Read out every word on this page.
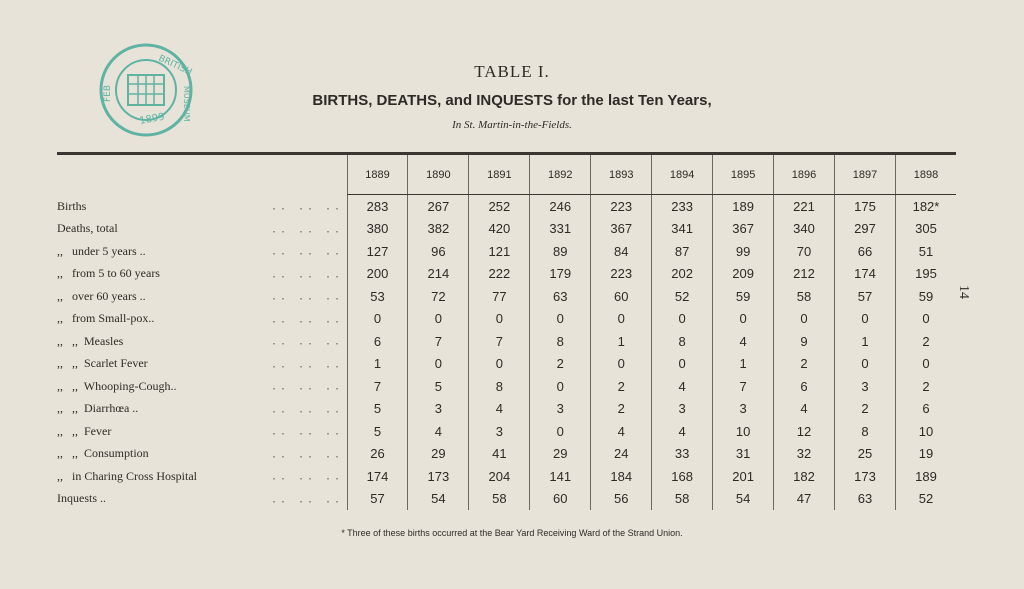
BRITISH
FEB	MUSEUM
1899
TABLE I.
BIRTHS, DEATHS, and INQUESTS for the last Ten Years,
In St. Martin-in-the-Fields.
	1889	1890	1891	1892	1893	1894	1895	1896	1897	1898
Births .. .. ..	283	267	252	246	223	233	189	221	175	182*
Deaths, total .. .. ..	380	382	420	331	367	341	367	340	297	305
,,   under 5 years .. .. .. ..	127	96	121	89	84	87	99	70	66	51
,,   from 5 to 60 years .. .. ..	200	214	222	179	223	202	209	212	174	195
,,   over 60 years .. .. .. ..	53	72	77	63	60	52	59	58	57	59
,,   from Small-pox.. .. .. ..	0	0	0	0	0	0	0	0	0	0
,,   ,,  Measles .. .. ..	6	7	7	8	1	8	4	9	1	2
,,   ,,  Scarlet Fever .. .. ..	1	0	0	2	0	0	1	2	0	0
,,   ,,  Whooping-Cough.. .. .. ..	7	5	8	0	2	4	7	6	3	2
,,   ,,  Diarrhœa .. .. .. ..	5	3	4	3	2	3	3	4	2	6
,,   ,,  Fever .. .. ..	5	4	3	0	4	4	10	12	8	10
,,   ,,  Consumption .. .. ..	26	29	41	29	24	33	31	32	25	19
,,   in Charing Cross Hospital .. .. ..	174	173	204	141	184	168	201	182	173	189
Inquests .. .. .. ..	57	54	58	60	56	58	54	47	63	52
* Three of these births occurred at the Bear Yard Receiving Ward of the Strand Union.
14
